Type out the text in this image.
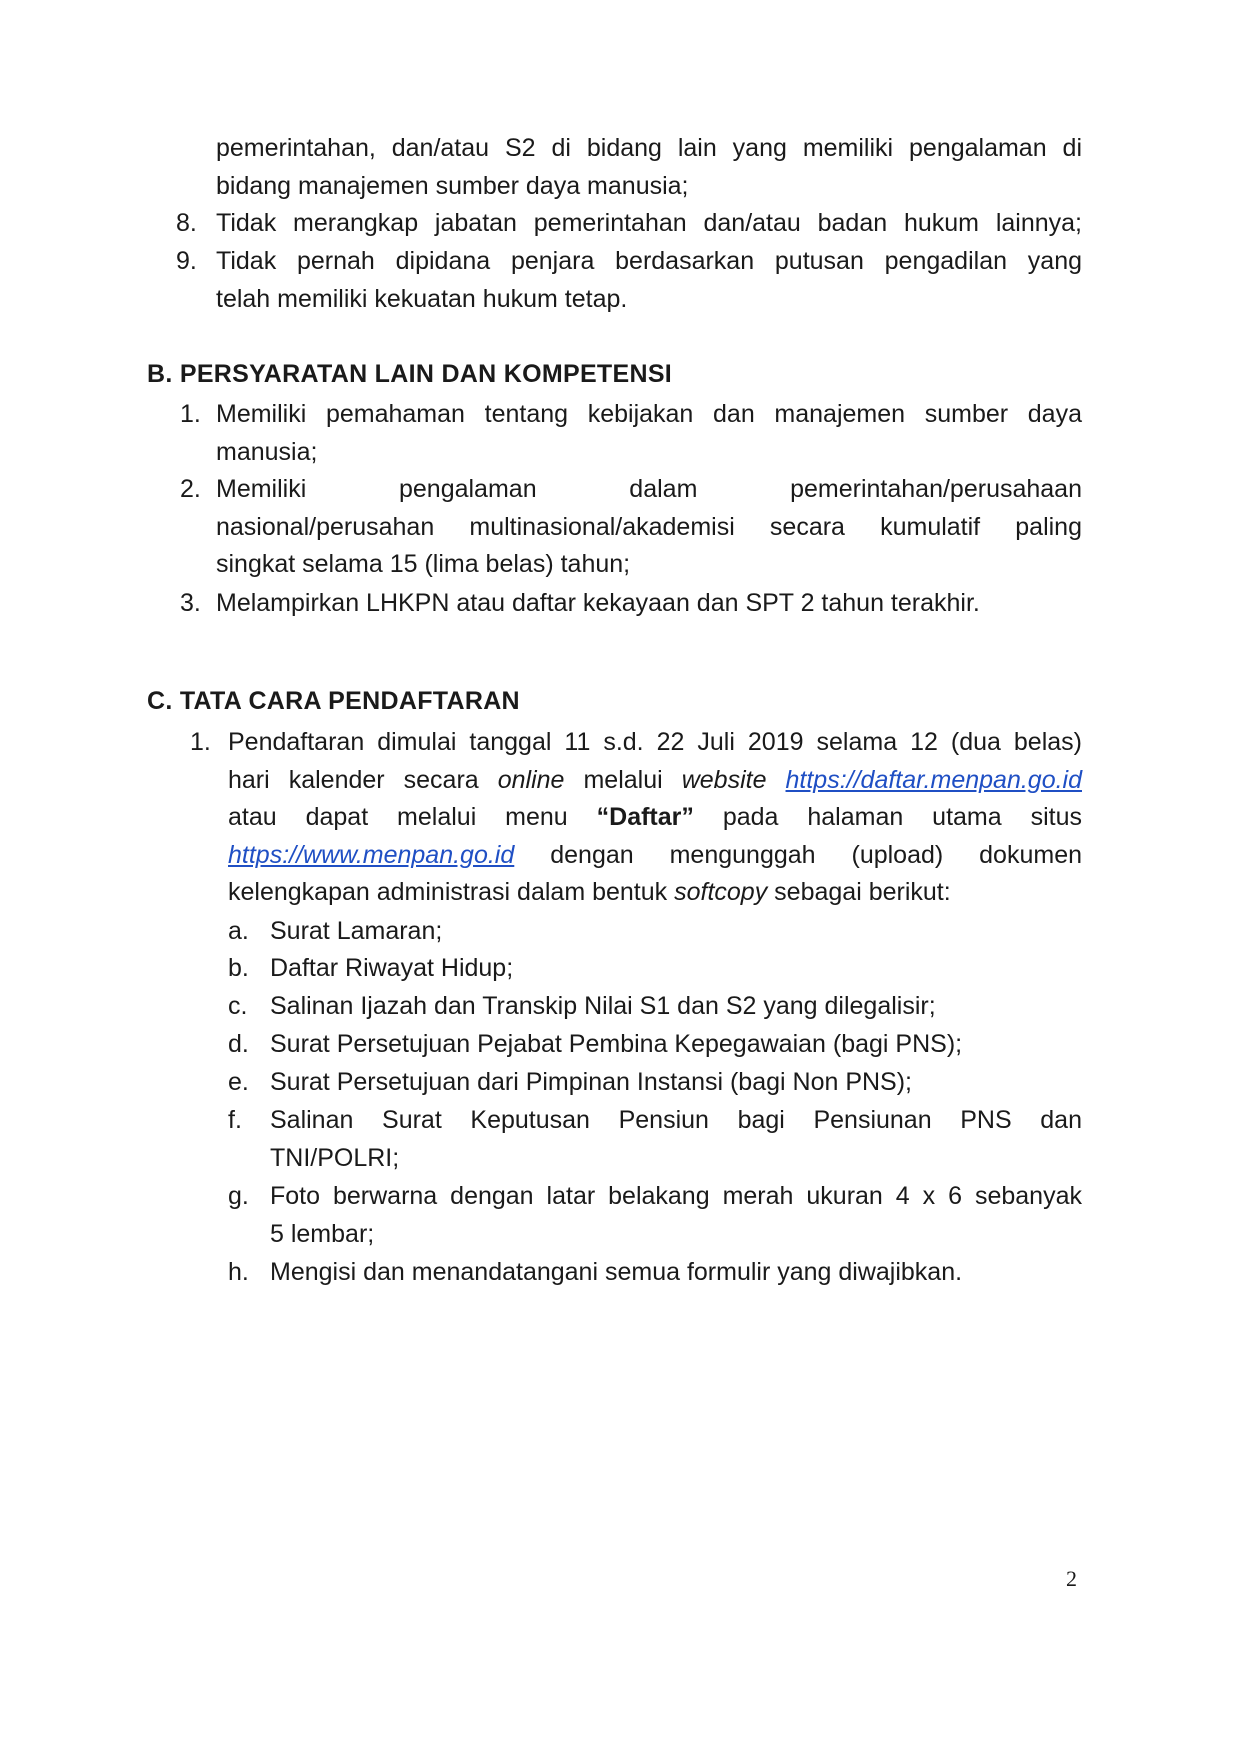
pemerintahan, dan/atau S2 di bidang lain yang memiliki pengalaman di
bidang manajemen sumber daya manusia;
8. Tidak merangkap jabatan pemerintahan dan/atau badan hukum lainnya;
9. Tidak pernah dipidana penjara berdasarkan putusan pengadilan yang
telah memiliki kekuatan hukum tetap.
B. PERSYARATAN LAIN DAN KOMPETENSI
1. Memiliki pemahaman tentang kebijakan dan manajemen sumber daya
manusia;
2. Memiliki pengalaman dalam pemerintahan/perusahaan
nasional/perusahan multinasional/akademisi secara kumulatif paling
singkat selama 15 (lima belas) tahun;
3. Melampirkan LHKPN atau daftar kekayaan dan SPT 2 tahun terakhir.
C. TATA CARA PENDAFTARAN
1. Pendaftaran dimulai tanggal 11 s.d. 22 Juli 2019 selama 12 (dua belas)
hari kalender secara online melalui website https://daftar.menpan.go.id
atau dapat melalui menu “Daftar” pada halaman utama situs
https://www.menpan.go.id dengan mengunggah (upload) dokumen
kelengkapan administrasi dalam bentuk softcopy sebagai berikut:
a. Surat Lamaran;
b. Daftar Riwayat Hidup;
c. Salinan Ijazah dan Transkip Nilai S1 dan S2 yang dilegalisir;
d. Surat Persetujuan Pejabat Pembina Kepegawaian (bagi PNS);
e. Surat Persetujuan dari Pimpinan Instansi (bagi Non PNS);
f. Salinan Surat Keputusan Pensiun bagi Pensiunan PNS dan
TNI/POLRI;
g. Foto berwarna dengan latar belakang merah ukuran 4 x 6 sebanyak
5 lembar;
h. Mengisi dan menandatangani semua formulir yang diwajibkan.
2
